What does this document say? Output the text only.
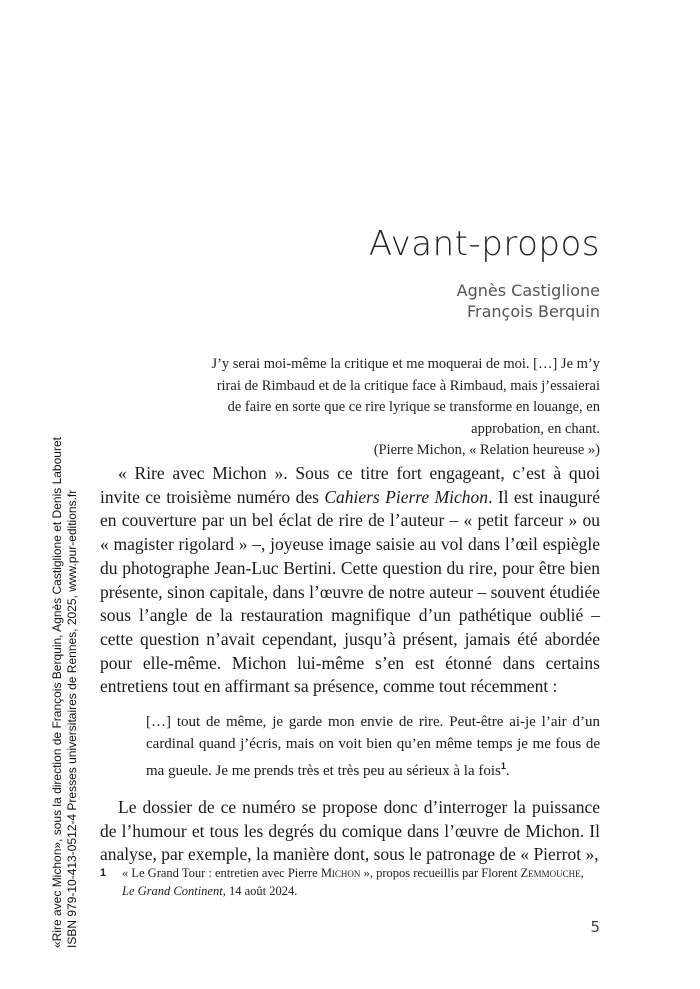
«Rire avec Michon», sous la direction de François Berquin, Agnès Castiglione et Denis Labouret ISBN 979-10-413-0512-4 Presses universitaires de Rennes, 2025, www.pur-editions.fr
Avant-propos
Agnès Castiglione
François Berquin
J’y serai moi-même la critique et me moquerai de moi. […] Je m’y rirai de Rimbaud et de la critique face à Rimbaud, mais j’essaierai de faire en sorte que ce rire lyrique se transforme en louange, en approbation, en chant.
(Pierre Michon, « Relation heureuse »)

« Rire avec Michon ». Sous ce titre fort engageant, c’est à quoi invite ce troisième numéro des Cahiers Pierre Michon. Il est inauguré en couverture par un bel éclat de rire de l’auteur – « petit farceur » ou « magister rigolard » –, joyeuse image saisie au vol dans l’œil espiègle du photographe Jean-Luc Bertini. Cette question du rire, pour être bien présente, sinon capitale, dans l’œuvre de notre auteur – souvent étudiée sous l’angle de la restauration magnifique d’un pathétique oublié – cette question n’avait cependant, jusqu’à présent, jamais été abordée pour elle-même. Michon lui-même s’en est étonné dans certains entretiens tout en affirmant sa présence, comme tout récemment :

[…] tout de même, je garde mon envie de rire. Peut-être ai-je l’air d’un cardinal quand j’écris, mais on voit bien qu’en même temps je me fous de ma gueule. Je me prends très et très peu au sérieux à la fois$^1$.

Le dossier de ce numéro se propose donc d’interroger la puissance de l’humour et tous les degrés du comique dans l’œuvre de Michon. Il analyse, par exemple, la manière dont, sous le patronage de « Pierrot »,

1 « Le Grand Tour : entretien avec Pierre Michon », propos recueillis par Florent Zemmouche,
Le Grand Continent, 14 août 2024.
5
